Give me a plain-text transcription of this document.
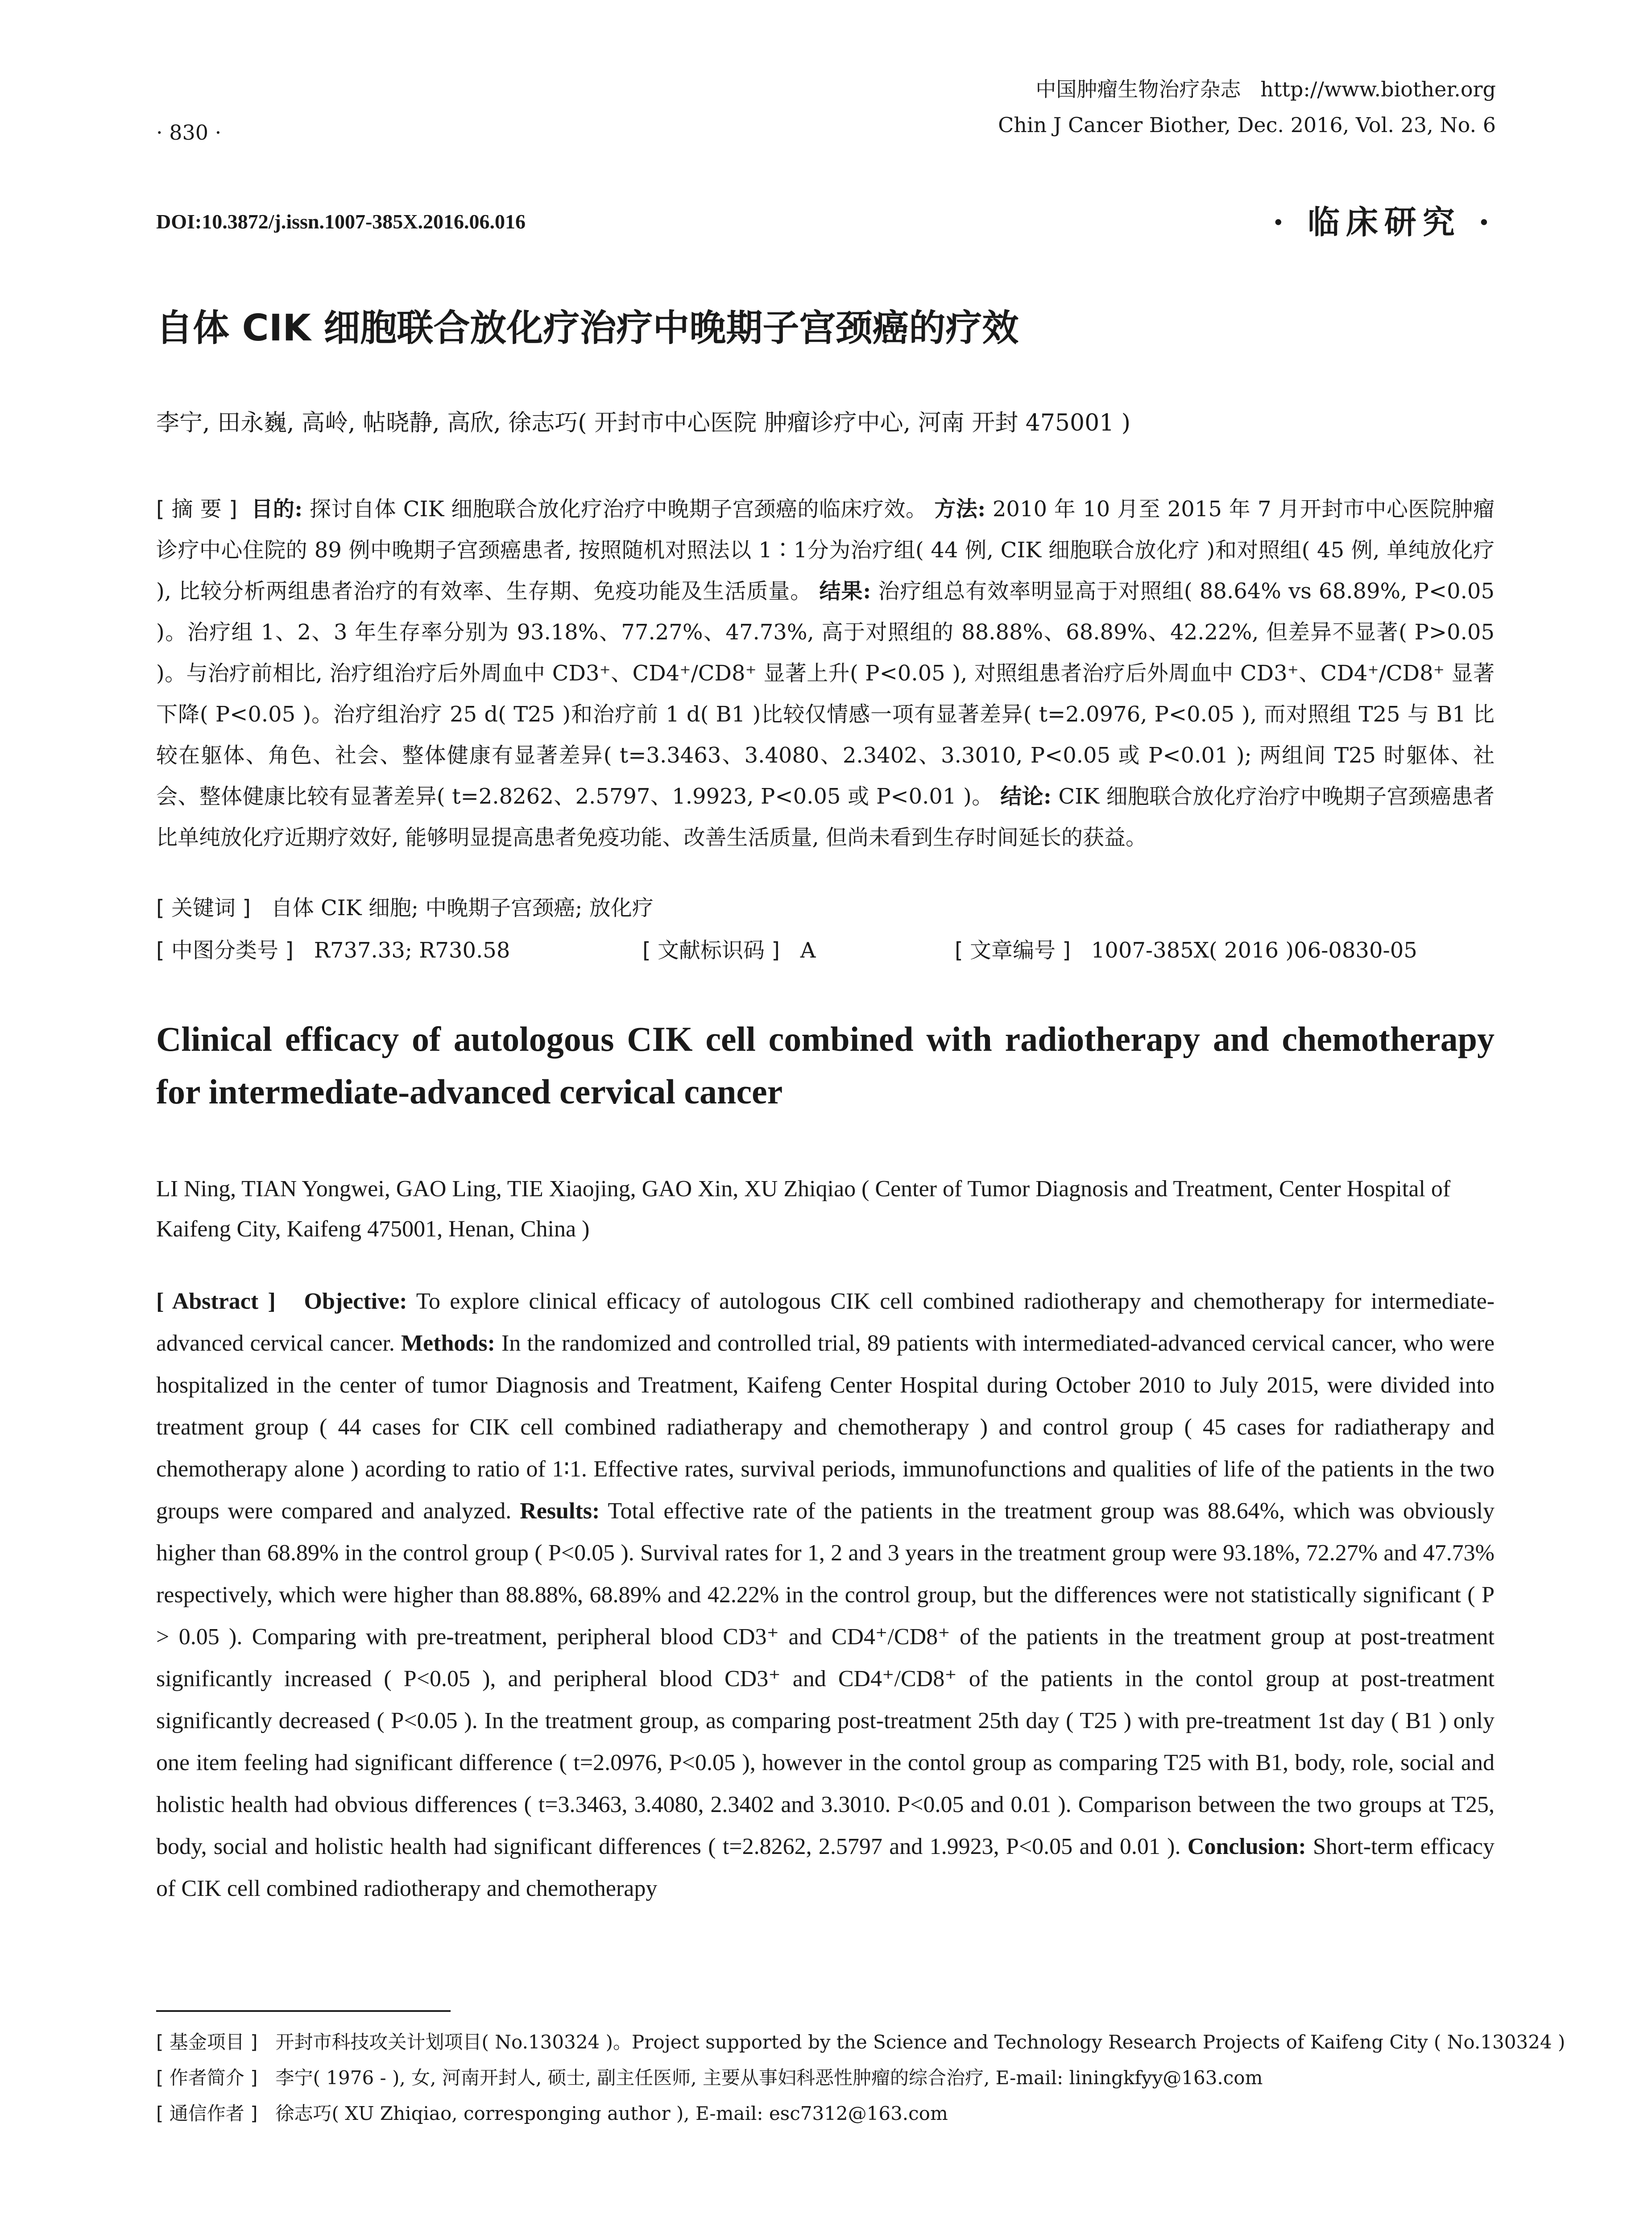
中国肿瘤生物治疗杂志 http://www.biother.org
Chin J Cancer Biother, Dec. 2016, Vol. 23, No. 6
· 830 ·
DOI:10.3872/j.issn.1007-385X.2016.06.016	· 临床研究 ·
自体 CIK 细胞联合放化疗治疗中晚期子宫颈癌的疗效
李宁, 田永巍, 高岭, 帖晓静, 高欣, 徐志巧( 开封市中心医院 肿瘤诊疗中心, 河南 开封 475001 )
[ 摘 要 ] 目的: 探讨自体 CIK 细胞联合放化疗治疗中晚期子宫颈癌的临床疗效。 方法: 2010 年 10 月至 2015 年 7 月开封市中心医院肿瘤诊疗中心住院的 89 例中晚期子宫颈癌患者, 按照随机对照法以 1∶1分为治疗组( 44 例, CIK 细胞联合放化疗 )和对照组( 45 例, 单纯放化疗 ), 比较分析两组患者治疗的有效率、生存期、免疫功能及生活质量。 结果: 治疗组总有效率明显高于对照组( 88.64% vs 68.89%, P<0.05 )。治疗组 1、2、3 年生存率分别为 93.18%、77.27%、47.73%, 高于对照组的 88.88%、68.89%、42.22%, 但差异不显著( P>0.05 )。与治疗前相比, 治疗组治疗后外周血中 CD3⁺、CD4⁺/CD8⁺ 显著上升( P<0.05 ), 对照组患者治疗后外周血中 CD3⁺、CD4⁺/CD8⁺ 显著下降( P<0.05 )。治疗组治疗 25 d( T25 )和治疗前 1 d( B1 )比较仅情感一项有显著差异( t=2.0976, P<0.05 ), 而对照组 T25 与 B1 比较在躯体、角色、社会、整体健康有显著差异( t=3.3463、3.4080、2.3402、3.3010, P<0.05 或 P<0.01 ); 两组间 T25 时躯体、社会、整体健康比较有显著差异( t=2.8262、2.5797、1.9923, P<0.05 或 P<0.01 )。 结论: CIK 细胞联合放化疗治疗中晚期子宫颈癌患者比单纯放化疗近期疗效好, 能够明显提高患者免疫功能、改善生活质量, 但尚未看到生存时间延长的获益。
[ 关键词 ] 自体 CIK 细胞; 中晚期子宫颈癌; 放化疗
[ 中图分类号 ] R737.33; R730.58	[ 文献标识码 ] A	[ 文章编号 ] 1007-385X( 2016 )06-0830-05
Clinical efficacy of autologous CIK cell combined with radiotherapy and chemotherapy for intermediate-advanced cervical cancer
LI Ning, TIAN Yongwei, GAO Ling, TIE Xiaojing, GAO Xin, XU Zhiqiao ( Center of Tumor Diagnosis and Treatment, Center Hospital of Kaifeng City, Kaifeng 475001, Henan, China )
[ Abstract ] Objective: To explore clinical efficacy of autologous CIK cell combined radiotherapy and chemotherapy for intermediate-advanced cervical cancer. Methods: In the randomized and controlled trial, 89 patients with intermediated-advanced cervical cancer, who were hospitalized in the center of tumor Diagnosis and Treatment, Kaifeng Center Hospital during October 2010 to July 2015, were divided into treatment group ( 44 cases for CIK cell combined radiatherapy and chemotherapy ) and control group ( 45 cases for radiatherapy and chemotherapy alone ) acording to ratio of 1∶1. Effective rates, survival periods, immunofunctions and qualities of life of the patients in the two groups were compared and analyzed. Results: Total effective rate of the patients in the treatment group was 88.64%, which was obviously higher than 68.89% in the control group ( P<0.05 ). Survival rates for 1, 2 and 3 years in the treatment group were 93.18%, 72.27% and 47.73% respectively, which were higher than 88.88%, 68.89% and 42.22% in the control group, but the differences were not statistically significant ( P > 0.05 ). Comparing with pre-treatment, peripheral blood CD3⁺ and CD4⁺/CD8⁺ of the patients in the treatment group at post-treatment significantly increased ( P<0.05 ), and peripheral blood CD3⁺ and CD4⁺/CD8⁺ of the patients in the contol group at post-treatment significantly decreased ( P<0.05 ). In the treatment group, as comparing post-treatment 25th day ( T25 ) with pre-treatment 1st day ( B1 ) only one item feeling had significant difference ( t=2.0976, P<0.05 ), however in the contol group as comparing T25 with B1, body, role, social and holistic health had obvious differences ( t=3.3463, 3.4080, 2.3402 and 3.3010. P<0.05 and 0.01 ). Comparison between the two groups at T25, body, social and holistic health had significant differences ( t=2.8262, 2.5797 and 1.9923, P<0.05 and 0.01 ). Conclusion: Short-term efficacy of CIK cell combined radiotherapy and chemotherapy
[ 基金项目 ] 开封市科技攻关计划项目( No.130324 )。Project supported by the Science and Technology Research Projects of Kaifeng City ( No.130324 )
[ 作者简介 ] 李宁( 1976 - ), 女, 河南开封人, 硕士, 副主任医师, 主要从事妇科恶性肿瘤的综合治疗, E-mail: liningkfyy@163.com
[ 通信作者 ] 徐志巧( XU Zhiqiao, corresponging author ), E-mail: esc7312@163.com
